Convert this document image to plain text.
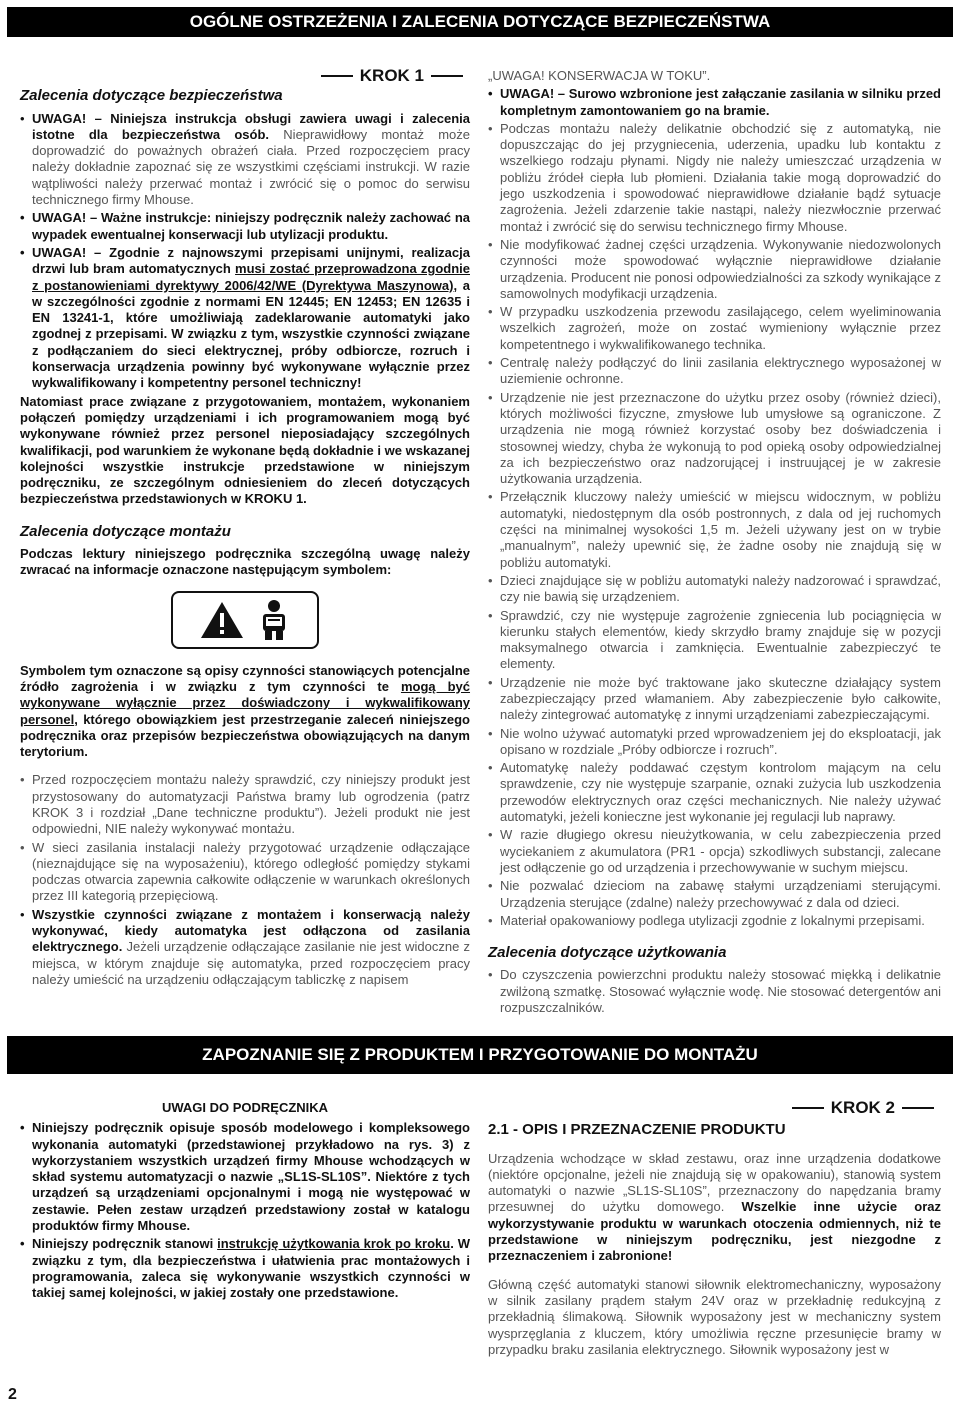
OGÓLNE OSTRZEŻENIA I ZALECENIA DOTYCZĄCE BEZPIECZEŃSTWA
KROK 1
Zalecenia dotyczące bezpieczeństwa
• UWAGA! – Niniejsza instrukcja obsługi zawiera uwagi i zalecenia istotne dla bezpieczeństwa osób. Nieprawidłowy montaż może doprowadzić do poważnych obrażeń ciała. Przed rozpoczęciem pracy należy dokładnie zapoznać się ze wszystkimi częściami instrukcji. W razie wątpliwości należy przerwać montaż i zwrócić się o pomoc do serwisu technicznego firmy Mhouse.
• UWAGA! – Ważne instrukcje: niniejszy podręcznik należy zachować na wypadek ewentualnej konserwacji lub utylizacji produktu.
• UWAGA! – Zgodnie z najnowszymi przepisami unijnymi, realizacja drzwi lub bram automatycznych musi zostać przeprowadzona zgodnie z postanowieniami dyrektywy 2006/42/WE (Dyrektywa Maszynowa), a w szczególności zgodnie z normami EN 12445; EN 12453; EN 12635 i EN 13241-1, które umożliwiają zadeklarowanie automatyki jako zgodnej z przepisami. W związku z tym, wszystkie czynności związane z podłączaniem do sieci elektrycznej, próby odbiorcze, rozruch i konserwacja urządzenia powinny być wykonywane wyłącznie przez wykwalifikowany i kompetentny personel techniczny!
Natomiast prace związane z przygotowaniem, montażem, wykonaniem połączeń pomiędzy urządzeniami i ich programowaniem mogą być wykonywane również przez personel nieposiadający szczególnych kwalifikacji, pod warunkiem że wykonane będą dokładnie i we wskazanej kolejności wszystkie instrukcje przedstawione w niniejszym podręczniku, ze szczególnym odniesieniem do zleceń dotyczących bezpieczeństwa przedstawionych w KROKU 1.
Zalecenia dotyczące montażu
Podczas lektury niniejszego podręcznika szczególną uwagę należy zwracać na informacje oznaczone następującym symbolem:
Symbolem tym oznaczone są opisy czynności stanowiących potencjalne źródło zagrożenia i w związku z tym czynności te mogą być wykonywane wyłącznie przez doświadczony i wykwalifikowany personel, którego obowiązkiem jest przestrzeganie zaleceń niniejszego podręcznika oraz przepisów bezpieczeństwa obowiązujących na danym terytorium.
• Przed rozpoczęciem montażu należy sprawdzić, czy niniejszy produkt jest przystosowany do automatyzacji Państwa bramy lub ogrodzenia (patrz KROK 3 i rozdział „Dane techniczne produktu”). Jeżeli produkt nie jest odpowiedni, NIE należy wykonywać montażu.
• W sieci zasilania instalacji należy przygotować urządzenie odłączające (nieznajdujące się na wyposażeniu), którego odległość pomiędzy stykami podczas otwarcia zapewnia całkowite odłączenie w warunkach określonych przez III kategorią przepięciową.
• Wszystkie czynności związane z montażem i konserwacją należy wykonywać, kiedy automatyka jest odłączona od zasilania elektrycznego. Jeżeli urządzenie odłączające zasilanie nie jest widoczne z miejsca, w którym znajduje się automatyka, przed rozpoczęciem pracy należy umieścić na urządzeniu odłączającym tabliczkę z napisem
„UWAGA! KONSERWACJA W TOKU”.
• UWAGA! – Surowo wzbronione jest załączanie zasilania w silniku przed kompletnym zamontowaniem go na bramie.
• Podczas montażu należy delikatnie obchodzić się z automatyką, nie dopuszczając do jej przygniecenia, uderzenia, upadku lub kontaktu z wszelkiego rodzaju płynami. Nigdy nie należy umieszczać urządzenia w pobliżu źródeł ciepła lub płomieni. Działania takie mogą doprowadzić do jego uszkodzenia i spowodować nieprawidłowe działanie bądź sytuacje zagrożenia. Jeżeli zdarzenie takie nastąpi, należy niezwłocznie przerwać montaż i zwrócić się do serwisu technicznego firmy Mhouse.
• Nie modyfikować żadnej części urządzenia. Wykonywanie niedozwolonych czynności może spowodować wyłącznie nieprawidłowe działanie urządzenia. Producent nie ponosi odpowiedzialności za szkody wynikające z samowolnych modyfikacji urządzenia.
• W przypadku uszkodzenia przewodu zasilającego, celem wyeliminowania wszelkich zagrożeń, może on zostać wymieniony wyłącznie przez kompetentnego i wykwalifikowanego technika.
• Centralę należy podłączyć do linii zasilania elektrycznego wyposażonej w uziemienie ochronne.
• Urządzenie nie jest przeznaczone do użytku przez osoby (również dzieci), których możliwości fizyczne, zmysłowe lub umysłowe są ograniczone. Z urządzenia nie mogą również korzystać osoby bez doświadczenia i stosownej wiedzy, chyba że wykonują to pod opieką osoby odpowiedzialnej za ich bezpieczeństwo oraz nadzorującej i instruującej je w zakresie użytkowania urządzenia.
• Przełącznik kluczowy należy umieścić w miejscu widocznym, w pobliżu automatyki, niedostępnym dla osób postronnych, z dala od jej ruchomych części na minimalnej wysokości 1,5 m. Jeżeli używany jest on w trybie „manualnym”, należy upewnić się, że żadne osoby nie znajdują się w pobliżu automatyki.
• Dzieci znajdujące się w pobliżu automatyki należy nadzorować i sprawdzać, czy nie bawią się urządzeniem.
• Sprawdzić, czy nie występuje zagrożenie zgniecenia lub pociągnięcia w kierunku stałych elementów, kiedy skrzydło bramy znajduje się w pozycji maksymalnego otwarcia i zamknięcia. Ewentualnie zabezpieczyć te elementy.
• Urządzenie nie może być traktowane jako skuteczne działający system zabezpieczający przed włamaniem. Aby zabezpieczenie było całkowite, należy zintegrować automatykę z innymi urządzeniami zabezpieczającymi.
• Nie wolno używać automatyki przed wprowadzeniem jej do eksploatacji, jak opisano w rozdziale „Próby odbiorcze i rozruch”.
• Automatykę należy poddawać częstym kontrolom mającym na celu sprawdzenie, czy nie występuje szarpanie, oznaki zużycia lub uszkodzenia przewodów elektrycznych oraz części mechanicznych. Nie należy używać automatyki, jeżeli konieczne jest wykonanie jej regulacji lub naprawy.
• W razie długiego okresu nieużytkowania, w celu zabezpieczenia przed wyciekaniem z akumulatora (PR1 - opcja) szkodliwych substancji, zalecane jest odłączenie go od urządzenia i przechowywanie w suchym miejscu.
• Nie pozwalać dzieciom na zabawę stałymi urządzeniami sterującymi. Urządzenia sterujące (zdalne) należy przechowywać z dala od dzieci.
• Materiał opakowaniowy podlega utylizacji zgodnie z lokalnymi przepisami.
Zalecenia dotyczące użytkowania
• Do czyszczenia powierzchni produktu należy stosować miękką i delikatnie zwilżoną szmatkę. Stosować wyłącznie wodę. Nie stosować detergentów ani rozpuszczalników.
ZAPOZNANIE SIĘ Z PRODUKTEM I PRZYGOTOWANIE DO MONTAŻU
UWAGI DO PODRĘCZNIKA
• Niniejszy podręcznik opisuje sposób modelowego i kompleksowego wykonania automatyki (przedstawionej przykładowo na rys. 3) z wykorzystaniem wszystkich urządzeń firmy Mhouse wchodzących w skład systemu automatyzacji o nazwie „SL1S-SL10S”. Niektóre z tych urządzeń są urządzeniami opcjonalnymi i mogą nie występować w zestawie. Pełen zestaw urządzeń przedstawiony został w katalogu produktów firmy Mhouse.
• Niniejszy podręcznik stanowi instrukcję użytkowania krok po kroku. W związku z tym, dla bezpieczeństwa i ułatwienia prac montażowych i programowania, zaleca się wykonywanie wszystkich czynności w takiej samej kolejności, w jakiej zostały one przedstawione.
KROK 2
2.1 - OPIS I PRZEZNACZENIE PRODUKTU
Urządzenia wchodzące w skład zestawu, oraz inne urządzenia dodatkowe (niektóre opcjonalne, jeżeli nie znajdują się w opakowaniu), stanowią system automatyki o nazwie „SL1S-SL10S”, przeznaczony do napędzania bramy przesuwnej do użytku domowego. Wszelkie inne użycie oraz wykorzystywanie produktu w warunkach otoczenia odmiennych, niż te przedstawione w niniejszym podręczniku, jest niezgodne z przeznaczeniem i zabronione!
Główną część automatyki stanowi siłownik elektromechaniczny, wyposażony w silnik zasilany prądem stałym 24V oraz w przekładnię redukcyjną z przekładnią ślimakową. Siłownik wyposażony jest w mechaniczny system wysprzęglania z kluczem, który umożliwia ręczne przesunięcie bramy w przypadku braku zasilania elektrycznego. Siłownik wyposażony jest w
2
